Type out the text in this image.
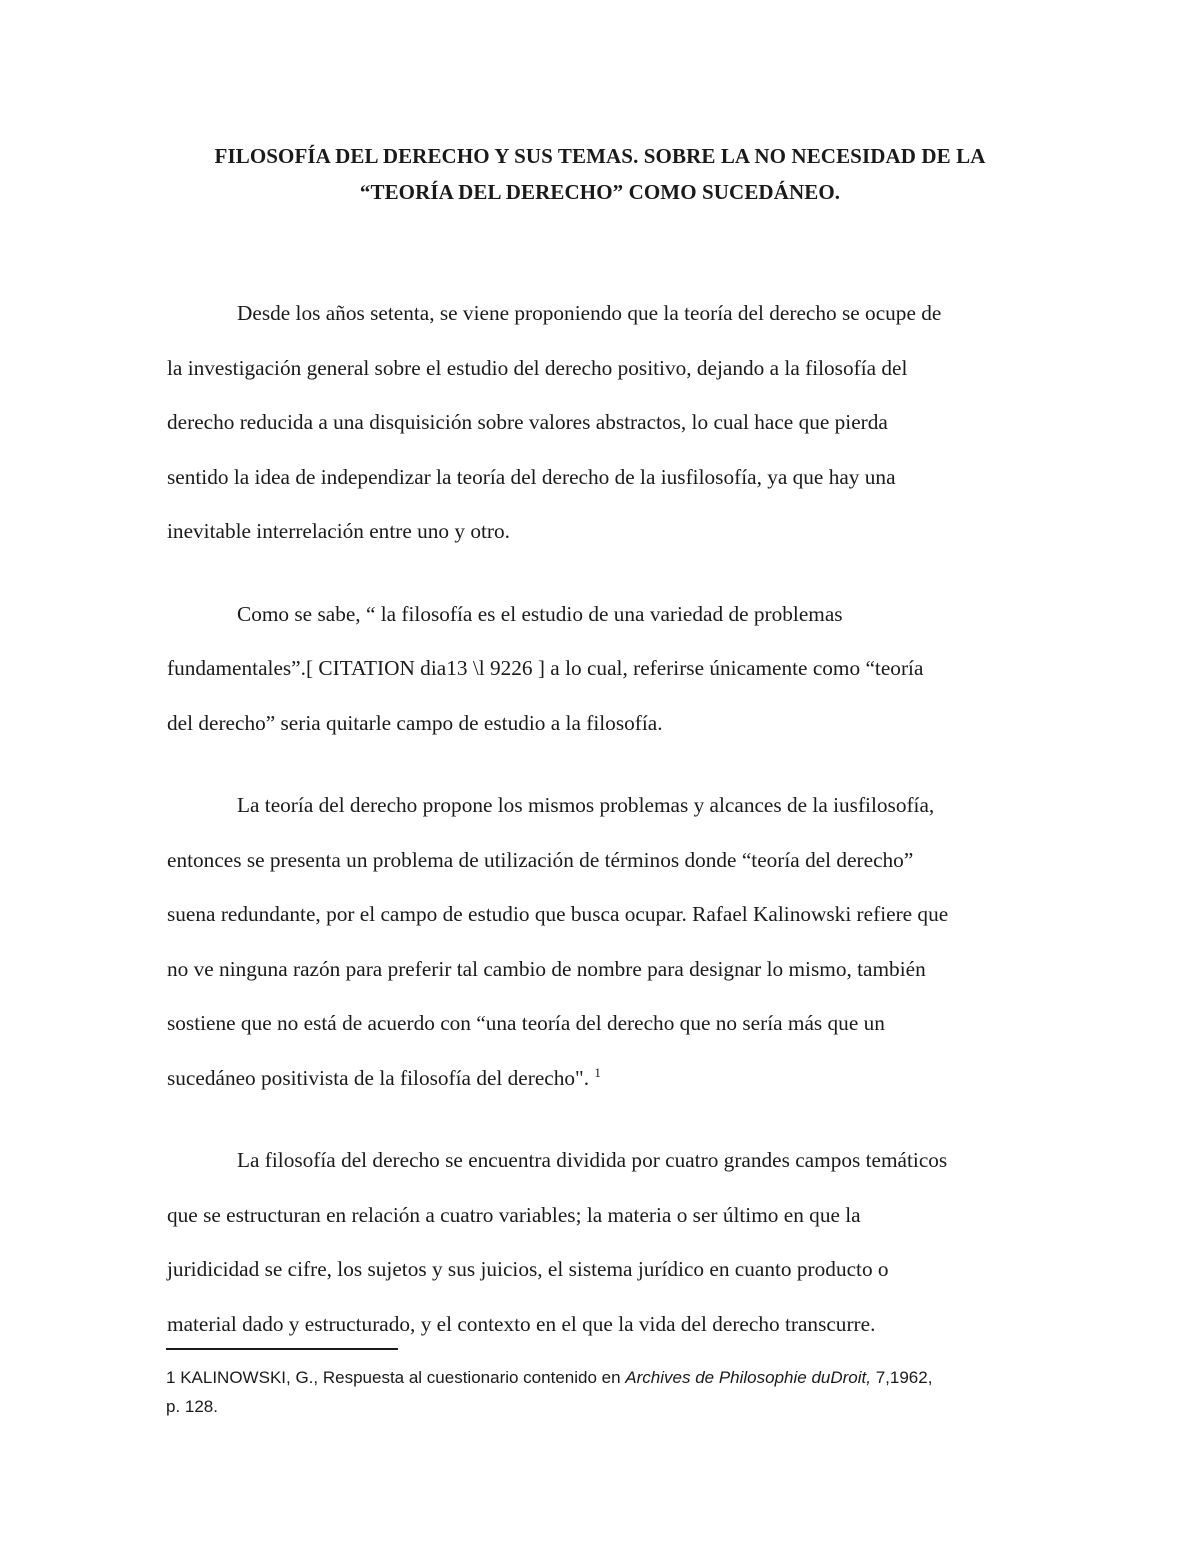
FILOSOFÍA DEL DERECHO Y SUS TEMAS. SOBRE LA NO NECESIDAD DE LA
“TEORÍA DEL DERECHO” COMO SUCEDÁNEO.

Desde los años setenta, se viene proponiendo que la teoría del derecho se ocupe de
la investigación general sobre el estudio del derecho positivo, dejando a la filosofía del
derecho reducida a una disquisición sobre valores abstractos, lo cual hace que pierda
sentido la idea de independizar la teoría del derecho de la iusfilosofía, ya que hay una
inevitable interrelación entre uno y otro.

Como se sabe, “ la filosofía es el estudio de una variedad de problemas
fundamentales”.[ CITATION dia13 \l 9226 ] a lo cual, referirse únicamente como “teoría
del derecho” seria quitarle campo de estudio a la filosofía.

La teoría del derecho propone los mismos problemas y alcances de la iusfilosofía,
entonces se presenta un problema de utilización de términos donde “teoría del derecho”
suena redundante, por el campo de estudio que busca ocupar. Rafael Kalinowski refiere que
no ve ninguna razón para preferir tal cambio de nombre para designar lo mismo, también
sostiene que no está de acuerdo con “una teoría del derecho que no sería más que un
sucedáneo positivista de la filosofía del derecho". $^1$

La filosofía del derecho se encuentra dividida por cuatro grandes campos temáticos
que se estructuran en relación a cuatro variables; la materia o ser último en que la
juridicidad se cifre, los sujetos y sus juicios, el sistema jurídico en cuanto producto o
material dado y estructurado, y el contexto en el que la vida del derecho transcurre.

1 KALINOWSKI, G., Respuesta al cuestionario contenido en Archives de Philosophie duDroit, 7,1962,
p. 128.
